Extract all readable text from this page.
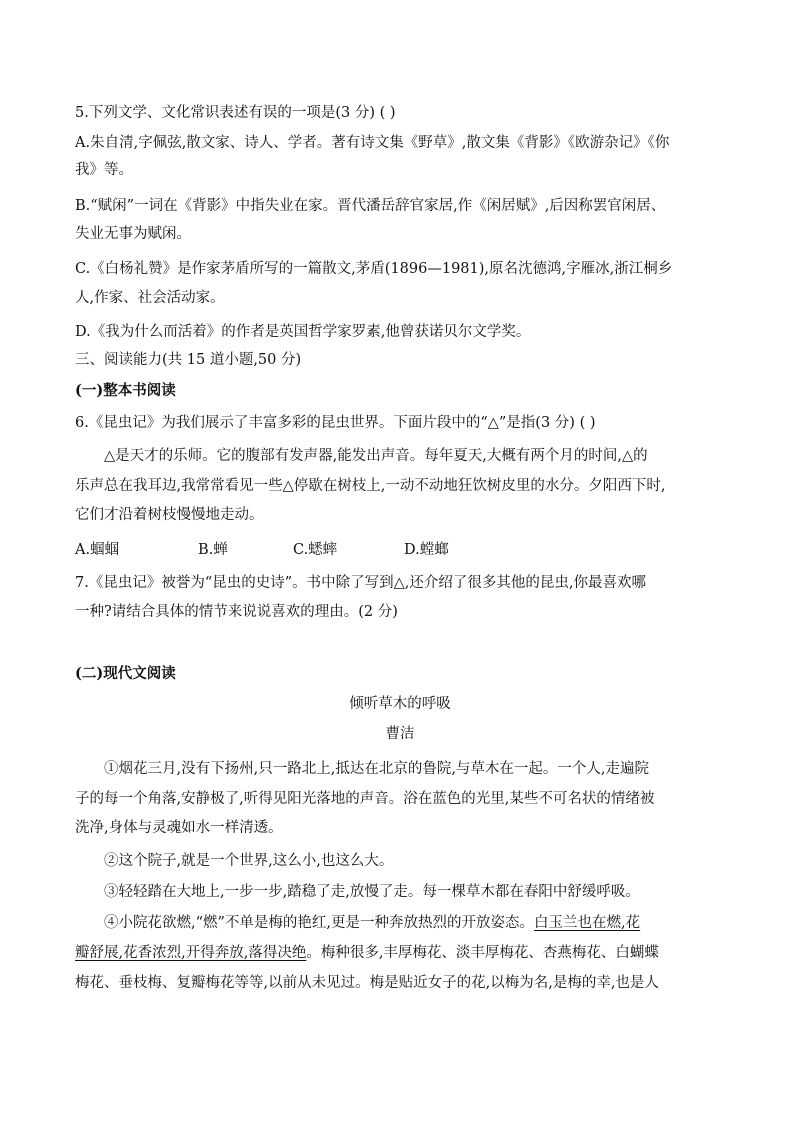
5.下列文学、文化常识表述有误的一项是(3 分) ( )
A.朱自清,字佩弦,散文家、诗人、学者。著有诗文集《野草》,散文集《背影》《欧游杂记》《你
我》等。
B.“赋闲”一词在《背影》中指失业在家。晋代潘岳辞官家居,作《闲居赋》,后因称罢官闲居、
失业无事为赋闲。
C.《白杨礼赞》是作家茅盾所写的一篇散文,茅盾(1896—1981),原名沈德鸿,字雁冰,浙江桐乡
人,作家、社会活动家。
D.《我为什么而活着》的作者是英国哲学家罗素,他曾获诺贝尔文学奖。
三、阅读能力(共 15 道小题,50 分)
(一)整本书阅读
6.《昆虫记》为我们展示了丰富多彩的昆虫世界。下面片段中的“△”是指(3 分) ( )
△是天才的乐师。它的腹部有发声器,能发出声音。每年夏天,大概有两个月的时间,△的
乐声总在我耳边,我常常看见一些△停歇在树枝上,一动不动地狂饮树皮里的水分。夕阳西下时,
它们才沿着树枝慢慢地走动。
A.蝈蝈	B.蝉	C.蟋蟀	D.螳螂
7.《昆虫记》被誉为“昆虫的史诗”。书中除了写到△,还介绍了很多其他的昆虫,你最喜欢哪
一种?请结合具体的情节来说说喜欢的理由。(2 分)
(二)现代文阅读
倾听草木的呼吸
曹洁
①烟花三月,没有下扬州,只一路北上,抵达在北京的鲁院,与草木在一起。一个人,走遍院
子的每一个角落,安静极了,听得见阳光落地的声音。浴在蓝色的光里,某些不可名状的情绪被
洗净,身体与灵魂如水一样清透。
②这个院子,就是一个世界,这么小,也这么大。
③轻轻踏在大地上,一步一步,踏稳了走,放慢了走。每一棵草木都在春阳中舒缓呼吸。
④小院花欲燃,“燃”不单是梅的艳红,更是一种奔放热烈的开放姿态。白玉兰也在燃,花
瓣舒展,花香浓烈,开得奔放,落得决绝。梅种很多,丰厚梅花、淡丰厚梅花、杏燕梅花、白蝴蝶
梅花、垂枝梅、复瓣梅花等等,以前从未见过。梅是贴近女子的花,以梅为名,是梅的幸,也是人
